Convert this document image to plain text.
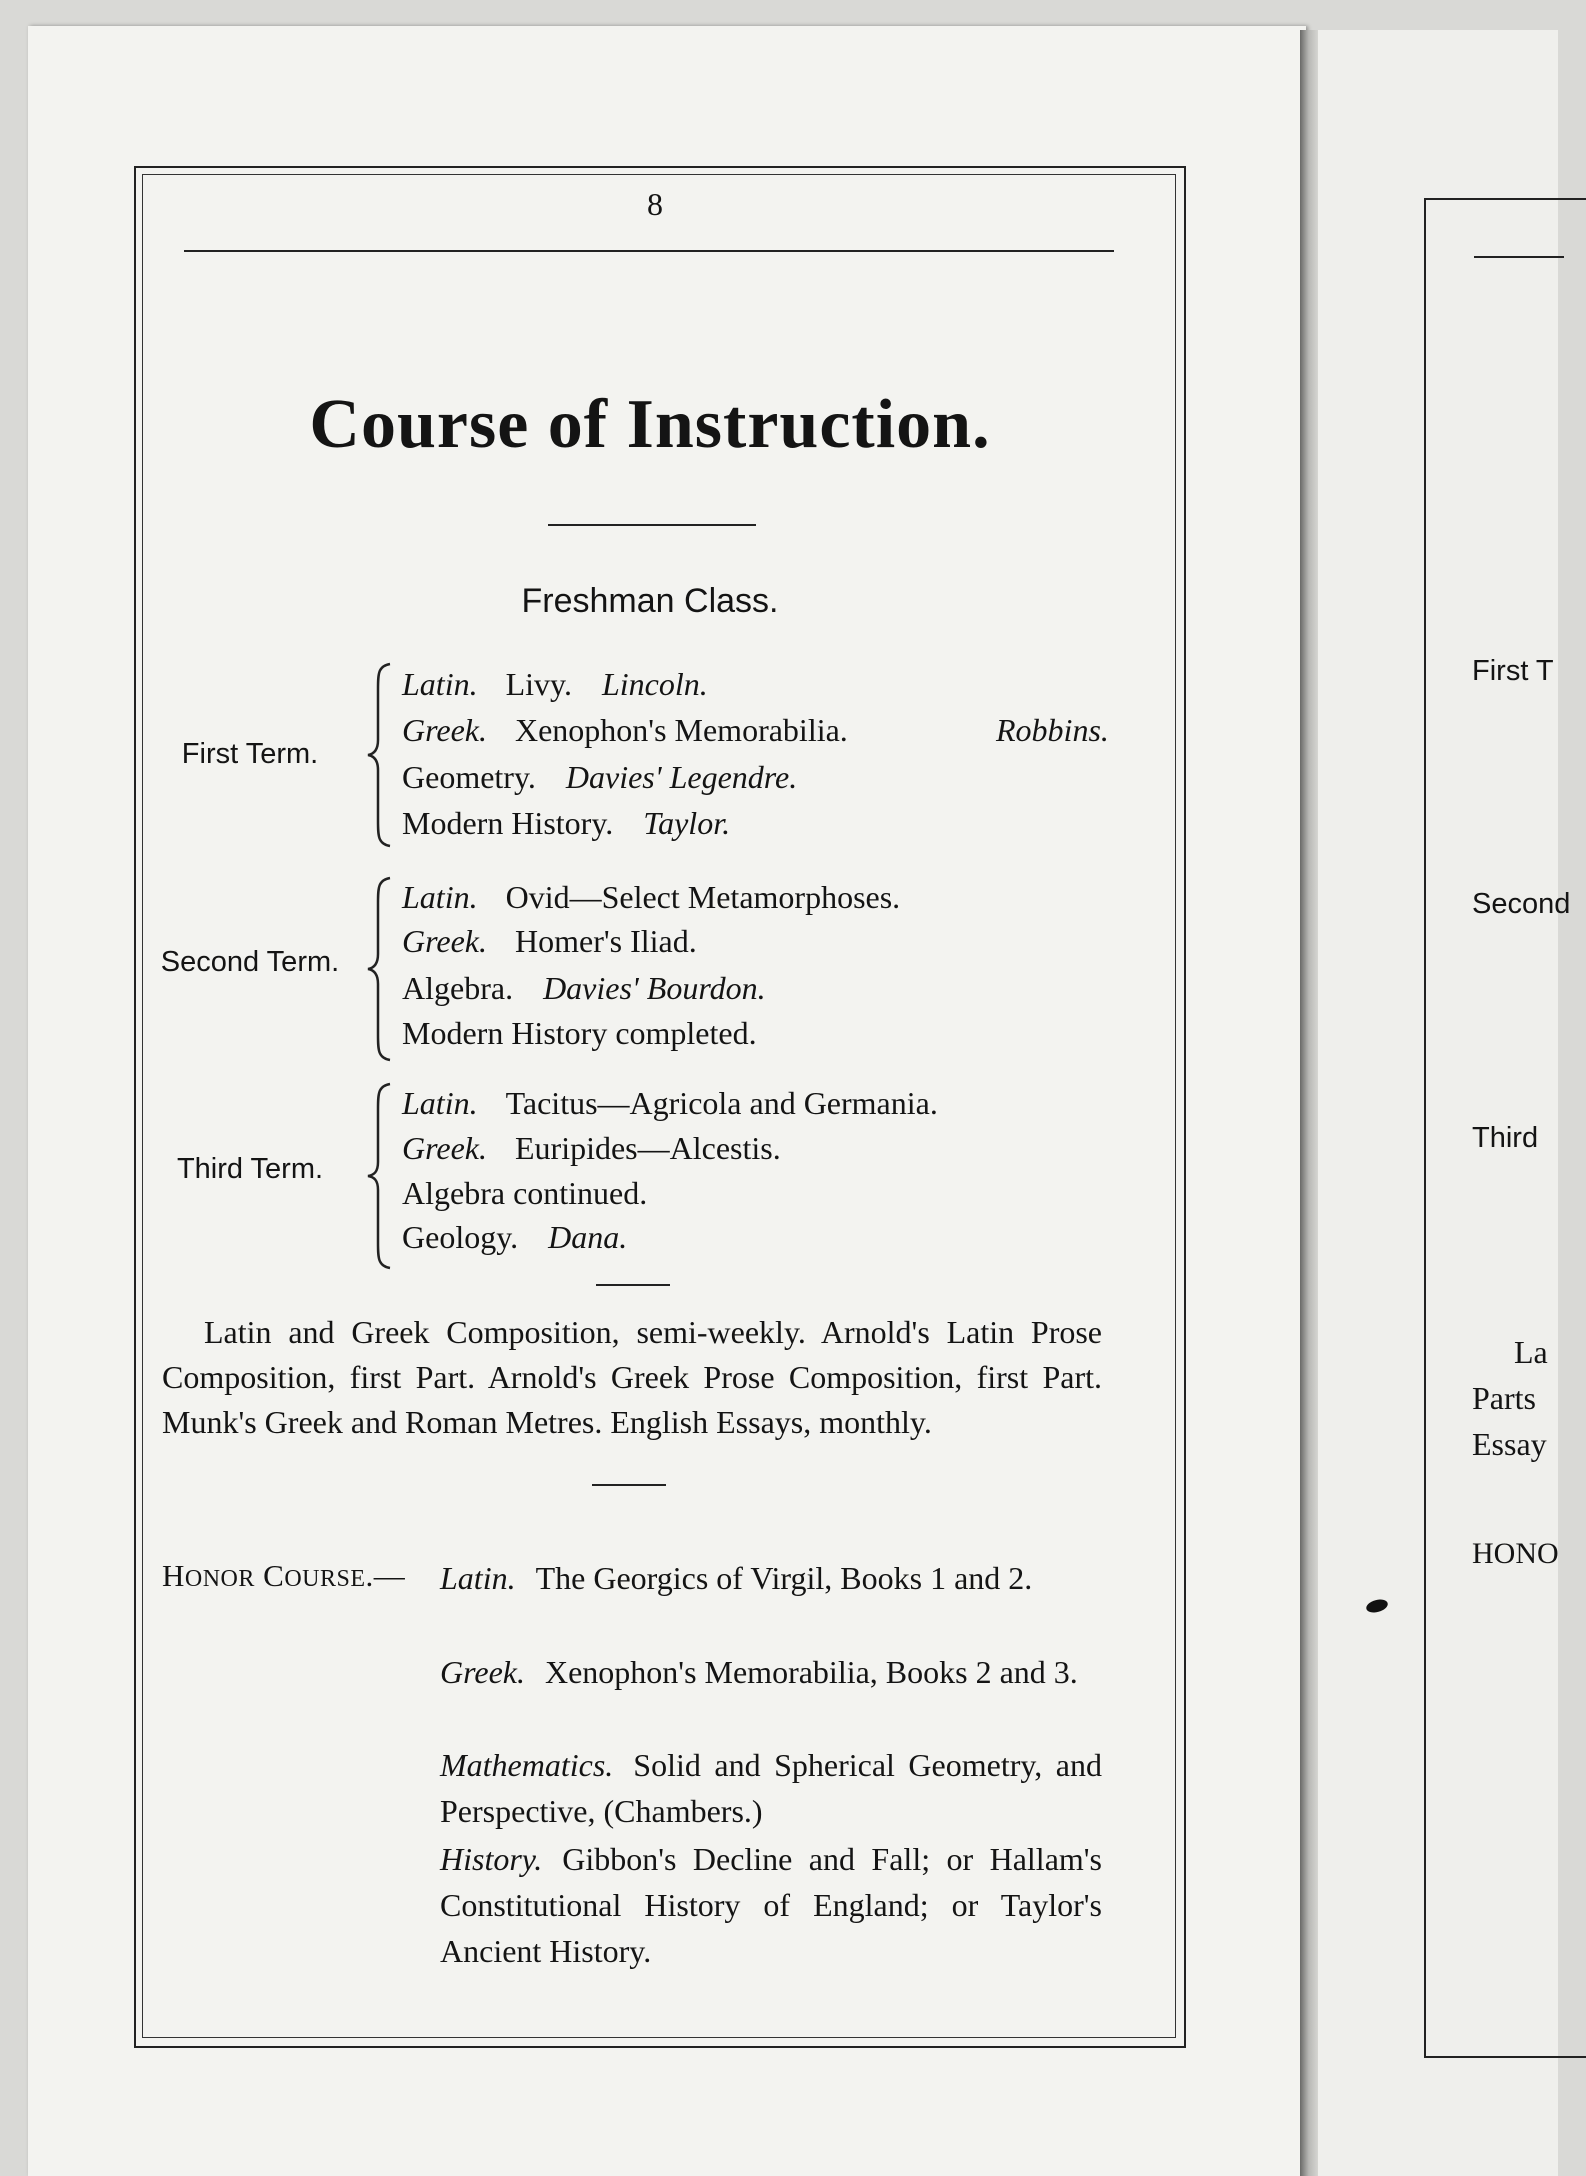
First T
Second
Third
La
Parts
Essay
HONO
8
Course of Instruction.
Freshman Class.
First Term.
Latin. Livy. Lincoln.
Greek. Xenophon's Memorabilia.	Robbins.
Geometry. Davies' Legendre.
Modern History. Taylor.
Second Term.
Latin. Ovid—Select Metamorphoses.
Greek. Homer's Iliad.
Algebra. Davies' Bourdon.
Modern History completed.
Third Term.
Latin. Tacitus—Agricola and Germania.
Greek. Euripides—Alcestis.
Algebra continued.
Geology. Dana.
Latin and Greek Composition, semi-weekly. Arnold's Latin Prose Composition, first Part. Arnold's Greek Prose Composition, first Part. Munk's Greek and Roman Metres. English Essays, monthly.
HONOR COURSE.— Latin. The Georgics of Virgil, Books 1 and 2.
Greek. Xenophon's Memorabilia, Books 2 and 3.
Mathematics. Solid and Spherical Geometry, and Perspective, (Chambers.)
History. Gibbon's Decline and Fall; or Hallam's Constitutional History of England; or Taylor's Ancient History.
